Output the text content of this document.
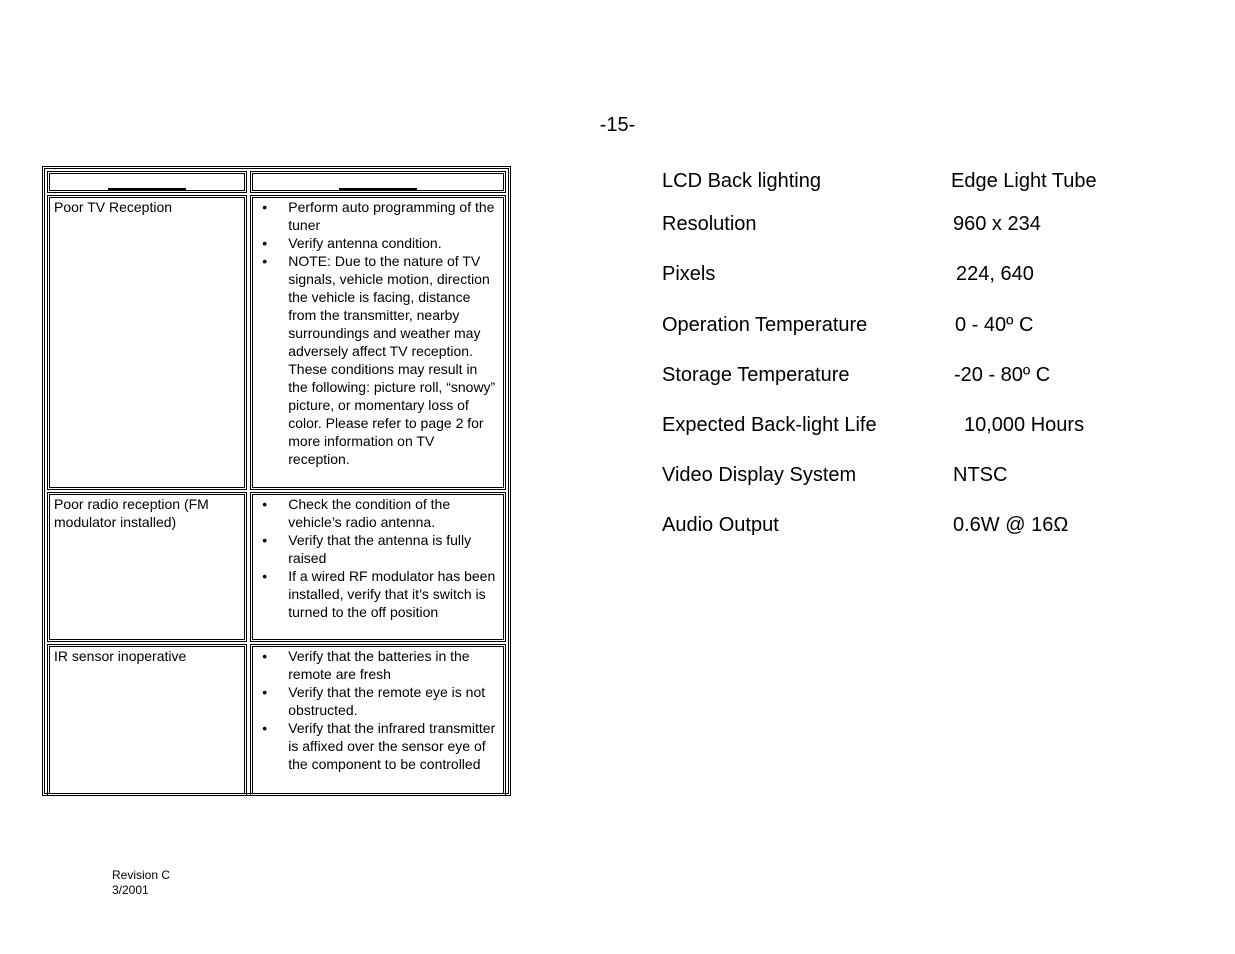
-15-
Poor TV Reception	• Perform auto programming of the tuner
• Verify antenna condition.
• NOTE: Due to the nature of TV signals, vehicle motion, direction the vehicle is facing, distance from the transmitter, nearby surroundings and weather may adversely affect TV reception. These conditions may result in the following: picture roll, “snowy” picture, or momentary loss of color. Please refer to page 2 for more information on TV reception.
Poor radio reception (FM modulator installed)
• Check the condition of the vehicle’s radio antenna.
• Verify that the antenna is fully raised
• If a wired RF modulator has been installed, verify that it’s switch is turned to the off position
IR sensor inoperative	• Verify that the batteries in the remote are fresh
• Verify that the remote eye is not obstructed.
• Verify that the infrared transmitter is affixed over the sensor eye of the component to be controlled
LCD Back lighting	Edge Light Tube
Resolution	960 x 234
Pixels	224, 640
Operation Temperature	0 - 40º C
Storage Temperature	-20 - 80º C
Expected Back-light Life	10,000 Hours
Video Display System	NTSC
Audio Output	0.6W @ 16Ω
Revision C
3/2001
